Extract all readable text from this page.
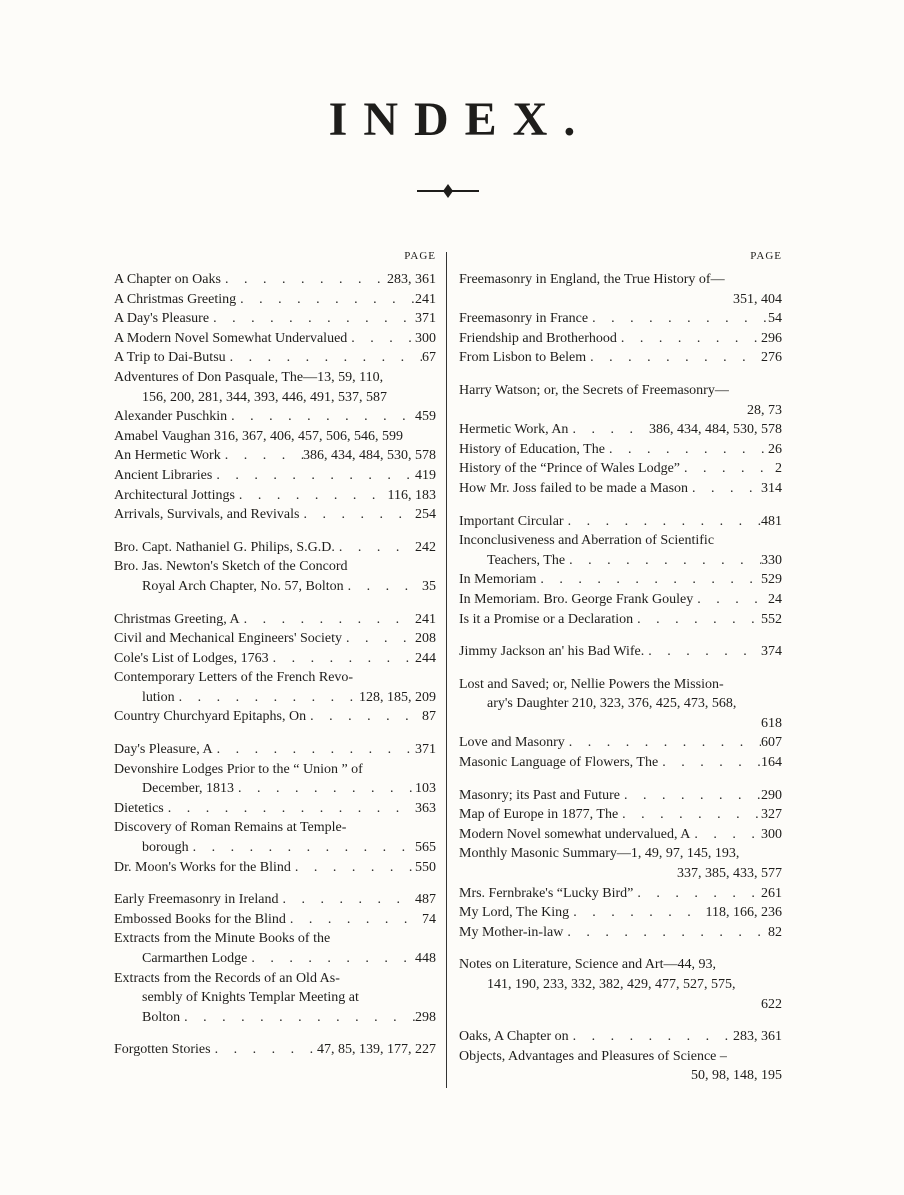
INDEX.
PAGE
A Chapter on Oaks . . .	283, 361
A Christmas Greeting . . .	241
A Day's Pleasure . . .	371
A Modern Novel Somewhat Undervalued . . .	300
A Trip to Dai-Butsu . . .	67
Adventures of Don Pasquale, The—13, 59, 110,
156, 200, 281, 344, 393, 446, 491, 537, 587
Alexander Puschkin . . .	459
Amabel Vaughan 316, 367, 406, 457, 506, 546, 599
An Hermetic Work . . .	386, 434, 484, 530, 578
Ancient Libraries . . .	419
Architectural Jottings . . .	116, 183
Arrivals, Survivals, and Revivals . . .	254
Bro. Capt. Nathaniel G. Philips, S.G.D. . . .	242
Bro. Jas. Newton's Sketch of the Concord
Royal Arch Chapter, No. 57, Bolton . . .	35
Christmas Greeting, A . . .	241
Civil and Mechanical Engineers' Society . . .	208
Cole's List of Lodges, 1763 . . .	244
Contemporary Letters of the French Revo-
lution . . .	128, 185, 209
Country Churchyard Epitaphs, On . . .	87
Day's Pleasure, A . . .	371
Devonshire Lodges Prior to the “ Union ” of
December, 1813 . . .	103
Dietetics . . .	363
Discovery of Roman Remains at Temple-
borough . . .	565
Dr. Moon's Works for the Blind . . .	550
Early Freemasonry in Ireland . . .	487
Embossed Books for the Blind . . .	74
Extracts from the Minute Books of the
Carmarthen Lodge . . .	448
Extracts from the Records of an Old As-
sembly of Knights Templar Meeting at
Bolton . . .	298
Forgotten Stories . . .	47, 85, 139, 177, 227
PAGE
Freemasonry in England, the True History of—
351, 404
Freemasonry in France . . .	54
Friendship and Brotherhood . . .	296
From Lisbon to Belem . . .	276
Harry Watson; or, the Secrets of Freemasonry—
28, 73
Hermetic Work, An . . .	386, 434, 484, 530, 578
History of Education, The . . .	26
History of the “Prince of Wales Lodge” . . .	2
How Mr. Joss failed to be made a Mason . . .	314
Important Circular . . .	481
Inconclusiveness and Aberration of Scientific
Teachers, The . . .	330
In Memoriam . . .	529
In Memoriam. Bro. George Frank Gouley . . .	24
Is it a Promise or a Declaration . . .	552
Jimmy Jackson an' his Bad Wife. . . .	374
Lost and Saved; or, Nellie Powers the Mission-
ary's Daughter 210, 323, 376, 425, 473, 568,
618
Love and Masonry . . .	607
Masonic Language of Flowers, The . . .	164
Masonry; its Past and Future . . .	290
Map of Europe in 1877, The . . .	327
Modern Novel somewhat undervalued, A . . .	300
Monthly Masonic Summary—1, 49, 97, 145, 193,
337, 385, 433, 577
Mrs. Fernbrake's “Lucky Bird” . . .	261
My Lord, The King . . .	118, 166, 236
My Mother-in-law . . .	82
Notes on Literature, Science and Art—44, 93,
141, 190, 233, 332, 382, 429, 477, 527, 575,
622
Oaks, A Chapter on . . .	283, 361
Objects, Advantages and Pleasures of Science –
50, 98, 148, 195
